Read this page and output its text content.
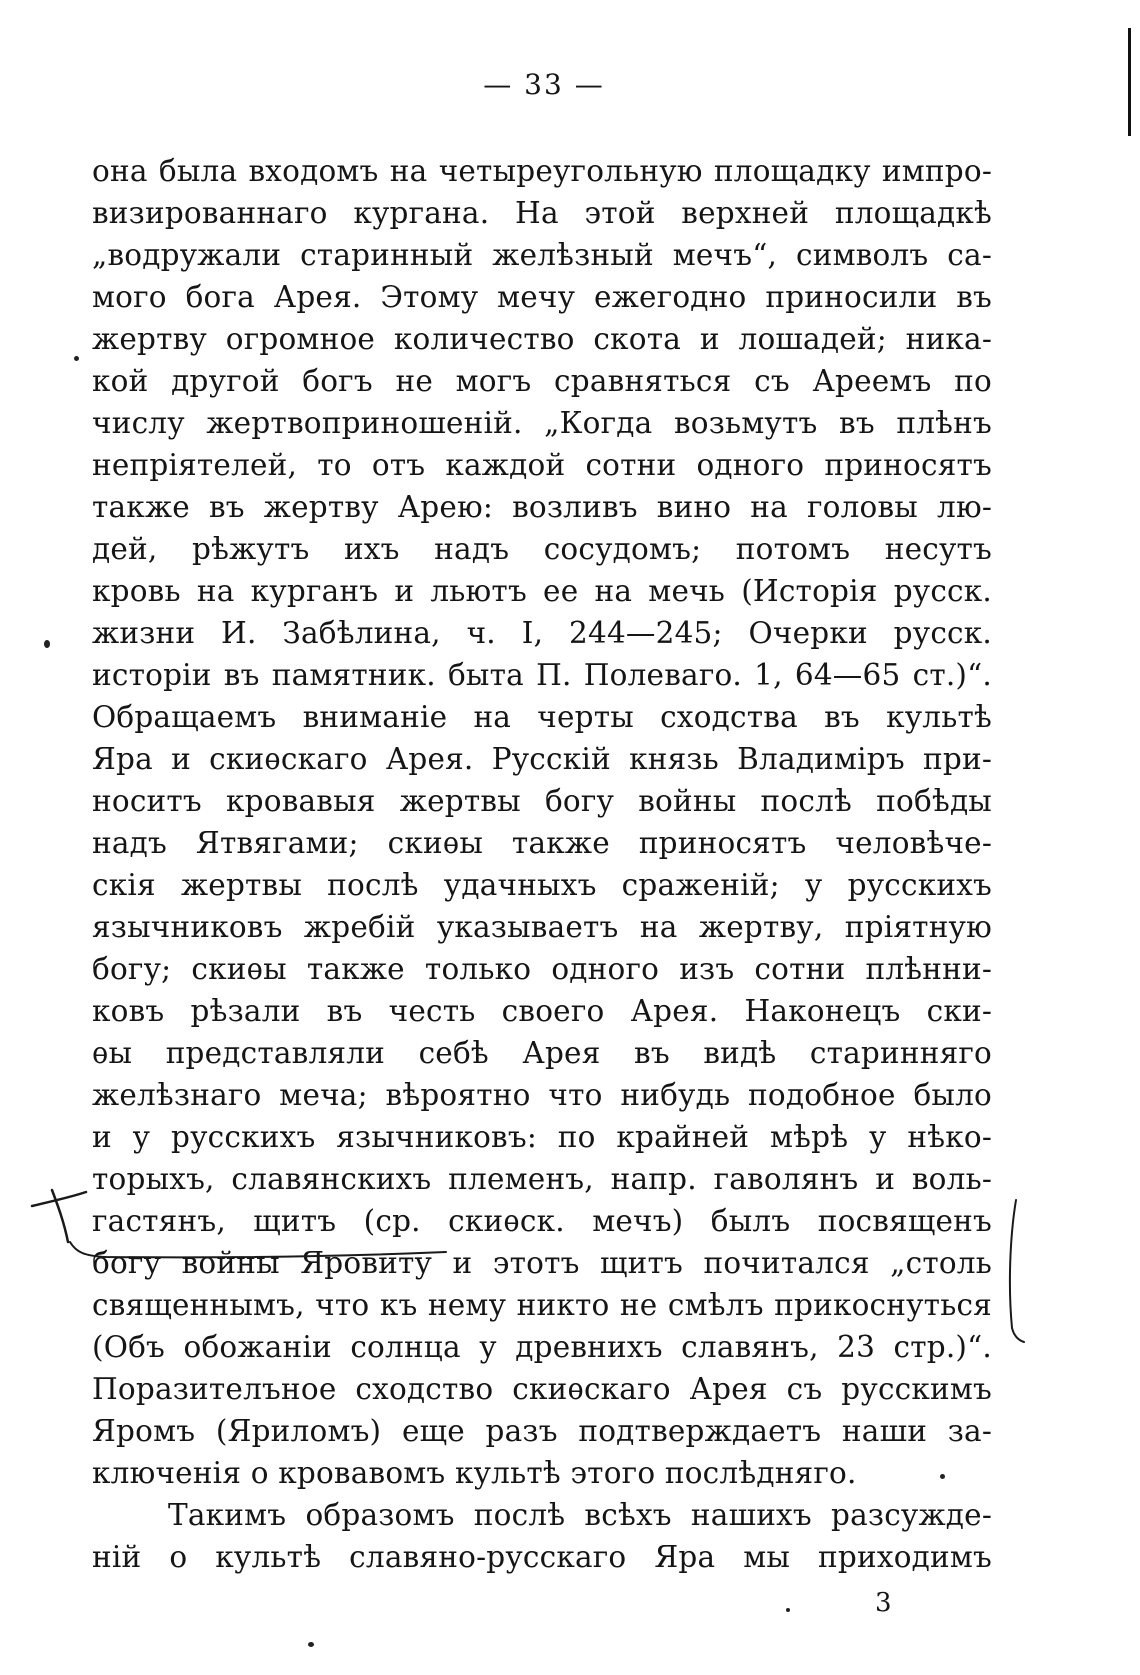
— 33 —
она была входомъ на четыреугольную площадку импро-
визированнаго кургана. На этой верхней площадкѣ
„водружали старинный желѣзный мечъ“, символъ са-
мого бога Арея. Этому мечу ежегодно приносили въ
жертву огромное количество скота и лошадей; ника-
кой другой богъ не могъ сравняться съ Ареемъ по
числу жертвоприношеній. „Когда возьмутъ въ плѣнъ
непріятелей, то отъ каждой сотни одного приносятъ
также въ жертву Арею: возливъ вино на головы лю-
дей, рѣжутъ ихъ надъ сосудомъ; потомъ несутъ
кровь на курганъ и льютъ ее на мечь (Исторія русск.
жизни И. Забѣлина, ч. I, 244—245; Очерки русск.
исторіи въ памятник. быта П. Полеваго. 1, 64—65 ст.)“.
Обращаемъ вниманіе на черты сходства въ культѣ
Яра и скиѳскаго Арея. Русскій князь Владиміръ при-
носитъ кровавыя жертвы богу войны послѣ побѣды
надъ Ятвягами; скиѳы также приносятъ человѣче-
скія жертвы послѣ удачныхъ сраженій; у русскихъ
язычниковъ жребій указываетъ на жертву, пріятную
богу; скиѳы также только одного изъ сотни плѣнни-
ковъ рѣзали въ честь своего Арея. Наконецъ ски-
ѳы представляли себѣ Арея въ видѣ старинняго
желѣзнаго меча; вѣроятно что нибудь подобное было
и у русскихъ язычниковъ: по крайней мѣрѣ у нѣко-
торыхъ, славянскихъ племенъ, напр. гаволянъ и воль-
гастянъ, щитъ (ср. скиѳск. мечъ) былъ посвященъ
богу войны Яровиту и этотъ щитъ почитался „столь
священнымъ, что къ нему никто не смѣлъ прикоснуться
(Объ обожаніи солнца у древнихъ славянъ, 23 стр.)“.
Поразителъное сходство скиѳскаго Арея съ русскимъ
Яромъ (Яриломъ) еще разъ подтверждаетъ наши за-
ключенія о кровавомъ культѣ этого послѣдняго.
Такимъ образомъ послѣ всѣхъ нашихъ разсужде-
ній о культѣ славяно-русскаго Яра мы приходимъ
3
